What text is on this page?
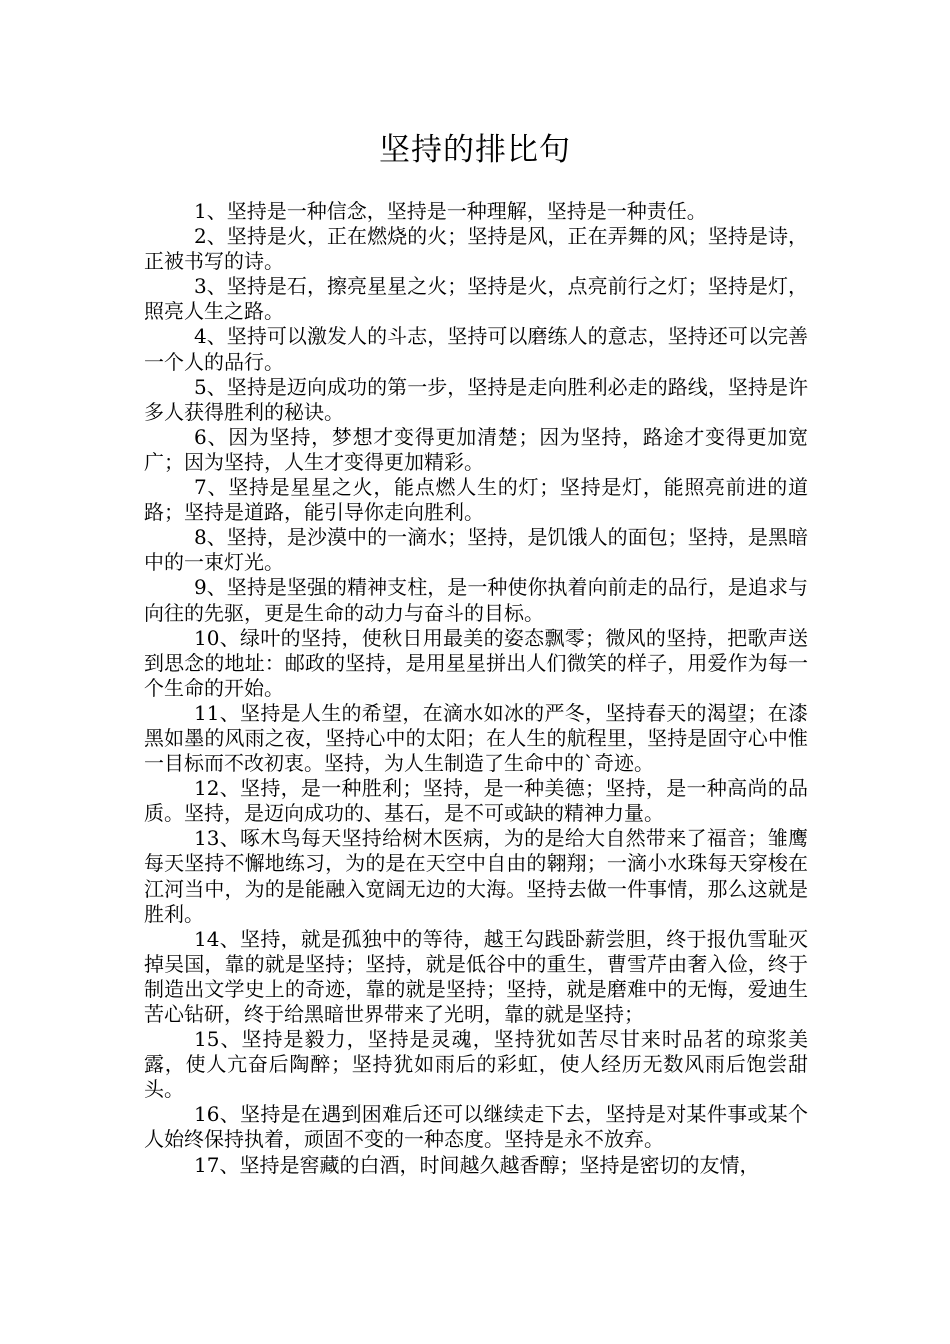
坚持的排比句

1、坚持是一种信念，坚持是一种理解，坚持是一种责任。

2、坚持是火，正在燃烧的火；坚持是风，正在弄舞的风；坚持是诗，正被书写的诗。

3、坚持是石，擦亮星星之火；坚持是火，点亮前行之灯；坚持是灯，照亮人生之路。

4、坚持可以激发人的斗志，坚持可以磨练人的意志，坚持还可以完善一个人的品行。

5、坚持是迈向成功的第一步，坚持是走向胜利必走的路线，坚持是许多人获得胜利的秘诀。

6、因为坚持，梦想才变得更加清楚；因为坚持，路途才变得更加宽广；因为坚持，人生才变得更加精彩。

7、坚持是星星之火，能点燃人生的灯；坚持是灯，能照亮前进的道路；坚持是道路，能引导你走向胜利。

8、坚持，是沙漠中的一滴水；坚持，是饥饿人的面包；坚持，是黑暗中的一束灯光。

9、坚持是坚强的精神支柱，是一种使你执着向前走的品行，是追求与向往的先驱，更是生命的动力与奋斗的目标。

10、绿叶的坚持，使秋日用最美的姿态飘零；微风的坚持，把歌声送到思念的地址：邮政的坚持，是用星星拼出人们微笑的样子，用爱作为每一个生命的开始。

11、坚持是人生的希望，在滴水如冰的严冬，坚持春天的渴望；在漆黑如墨的风雨之夜，坚持心中的太阳；在人生的航程里，坚持是固守心中惟一目标而不改初衷。坚持，为人生制造了生命中的`奇迹。

12、坚持，是一种胜利；坚持，是一种美德；坚持，是一种高尚的品质。坚持，是迈向成功的、基石，是不可或缺的精神力量。

13、啄木鸟每天坚持给树木医病，为的是给大自然带来了福音；雏鹰每天坚持不懈地练习，为的是在天空中自由的翱翔；一滴小水珠每天穿梭在江河当中，为的是能融入宽阔无边的大海。坚持去做一件事情，那么这就是胜利。

14、坚持，就是孤独中的等待，越王勾践卧薪尝胆，终于报仇雪耻灭掉吴国，靠的就是坚持；坚持，就是低谷中的重生，曹雪芹由奢入俭，终于制造出文学史上的奇迹，靠的就是坚持；坚持，就是磨难中的无悔，爱迪生苦心钻研，终于给黑暗世界带来了光明，靠的就是坚持；

15、坚持是毅力，坚持是灵魂，坚持犹如苦尽甘来时品茗的琼浆美露，使人亢奋后陶醉；坚持犹如雨后的彩虹，使人经历无数风雨后饱尝甜头。

16、坚持是在遇到困难后还可以继续走下去，坚持是对某件事或某个人始终保持执着，顽固不变的一种态度。坚持是永不放弃。

17、坚持是窖藏的白酒，时间越久越香醇；坚持是密切的友情，
